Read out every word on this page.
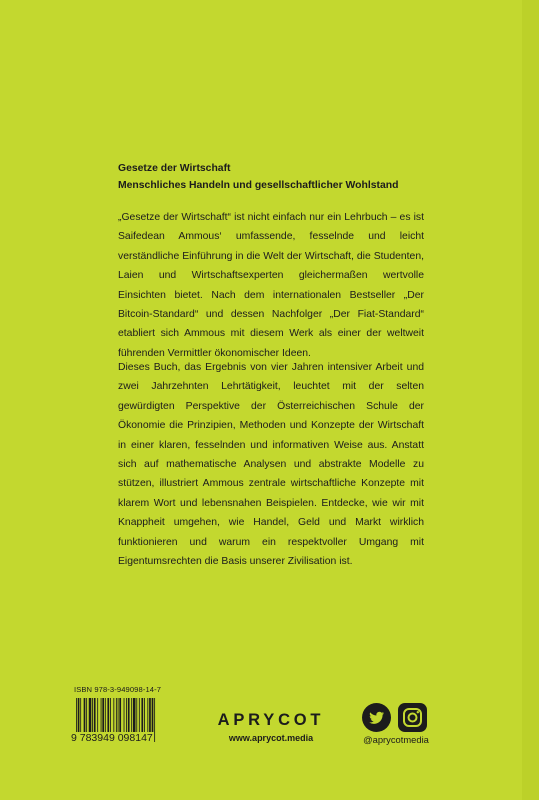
Gesetze der Wirtschaft
Menschliches Handeln und gesellschaftlicher Wohlstand
„Gesetze der Wirtschaft“ ist nicht einfach nur ein Lehrbuch – es ist Saifedean Ammous‘ umfassende, fesselnde und leicht verständliche Einführung in die Welt der Wirtschaft, die Studenten, Laien und Wirtschaftsexperten gleichermaßen wertvolle Einsichten bietet. Nach dem internationalen Bestseller „Der Bitcoin-Standard“ und dessen Nachfolger „Der Fiat-Standard“ etabliert sich Ammous mit diesem Werk als einer der weltweit führenden Vermittler ökonomischer Ideen.
Dieses Buch, das Ergebnis von vier Jahren intensiver Arbeit und zwei Jahrzehnten Lehrtätigkeit, leuchtet mit der selten gewürdigten Perspektive der Österreichischen Schule der Ökonomie die Prinzipien, Methoden und Konzepte der Wirtschaft in einer klaren, fesselnden und informativen Weise aus. Anstatt sich auf mathematische Analysen und abstrakte Modelle zu stützen, illustriert Ammous zentrale wirtschaftliche Konzepte mit klarem Wort und lebensnahen Beispielen. Entdecke, wie wir mit Knappheit umgehen, wie Handel, Geld und Markt wirklich funktionieren und warum ein respektvoller Umgang mit Eigentumsrechten die Basis unserer Zivilisation ist.
ISBN 978-3-949098-14-7
9 783949 098147
APRYCOT
www.aprycot.media	@aprycotmedia
